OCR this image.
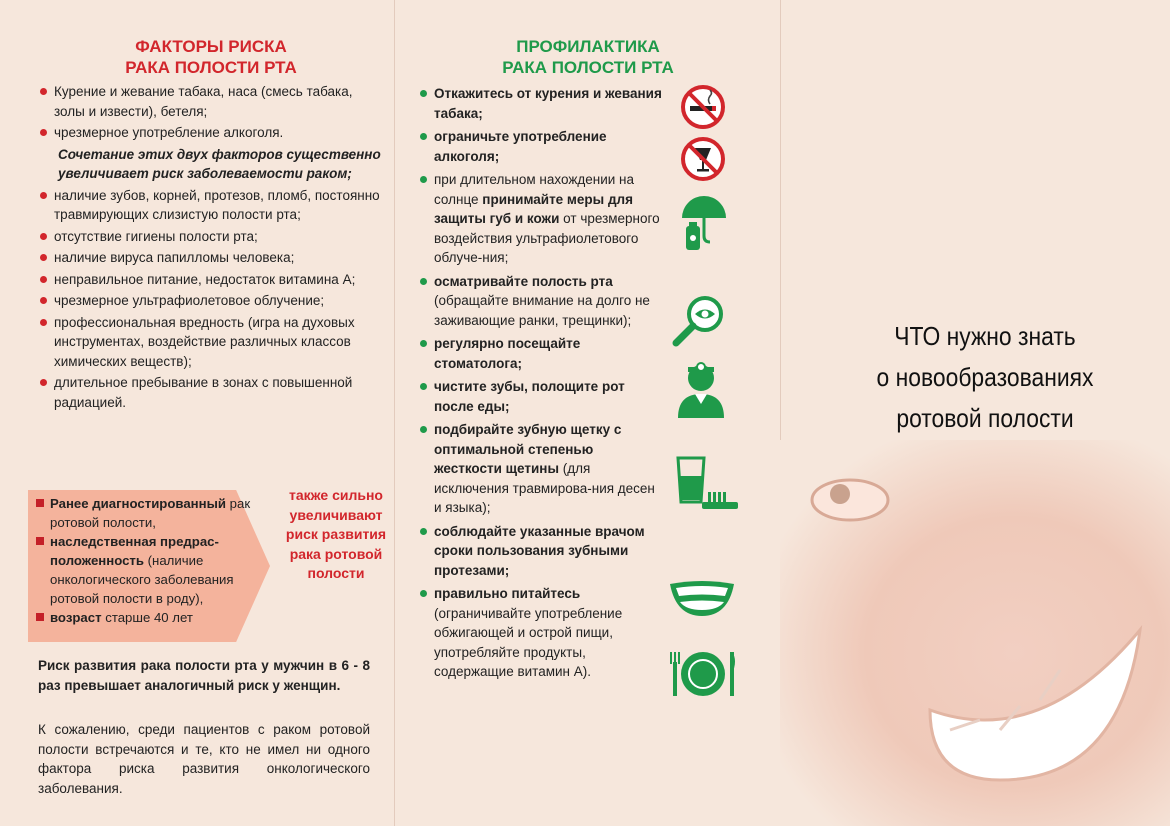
ФАКТОРЫ РИСКА
РАКА ПОЛОСТИ РТА
Курение и жевание табака, наса (смесь табака, золы и извести), бетеля;
чрезмерное употребление алкоголя.
Сочетание этих двух факторов существенно увеличивает риск заболеваемости раком;
наличие зубов, корней, протезов, пломб, постоянно травмирующих слизистую полости рта;
отсутствие гигиены полости рта;
наличие вируса папилломы человека;
неправильное питание, недостаток витамина А;
чрезмерное ультрафиолетовое облучение;
профессиональная вредность (игра на духовых инструментах, воздействие различных классов химических веществ);
длительное пребывание в зонах с повышенной радиацией.
Ранее диагностированный рак ротовой полости,
наследственная предрас-положенность (наличие онкологического заболевания ротовой полости в роду),
возраст старше 40 лет
также сильно увеличивают риск развития рака ротовой полости
Риск развития рака полости рта у мужчин в 6 - 8 раз превышает аналогичный риск у женщин.
К сожалению, среди пациентов с раком ротовой полости встречаются и те, кто не имел ни одного фактора риска развития онкологического заболевания.
ПРОФИЛАКТИКА
РАКА ПОЛОСТИ РТА
Откажитесь от курения и жевания табака;
ограничьте употребление алкоголя;
при длительном нахождении на солнце принимайте меры для защиты губ и кожи от чрезмерного воздействия ультрафиолетового облуче-ния;
осматривайте полость рта (обращайте внимание на долго не заживающие ранки, трещинки);
регулярно посещайте стоматолога;
чистите зубы, полощите рот после еды;
подбирайте зубную щетку с оптимальной степенью жесткости щетины (для исключения травмирова-ния десен и языка);
соблюдайте указанные врачом сроки пользования зубными протезами;
правильно питайтесь (ограничивайте употребление обжигающей и острой пищи, употребляйте продукты, содержащие витамин А).
ЧТО нужно знать
о новообразованиях
ротовой полости
